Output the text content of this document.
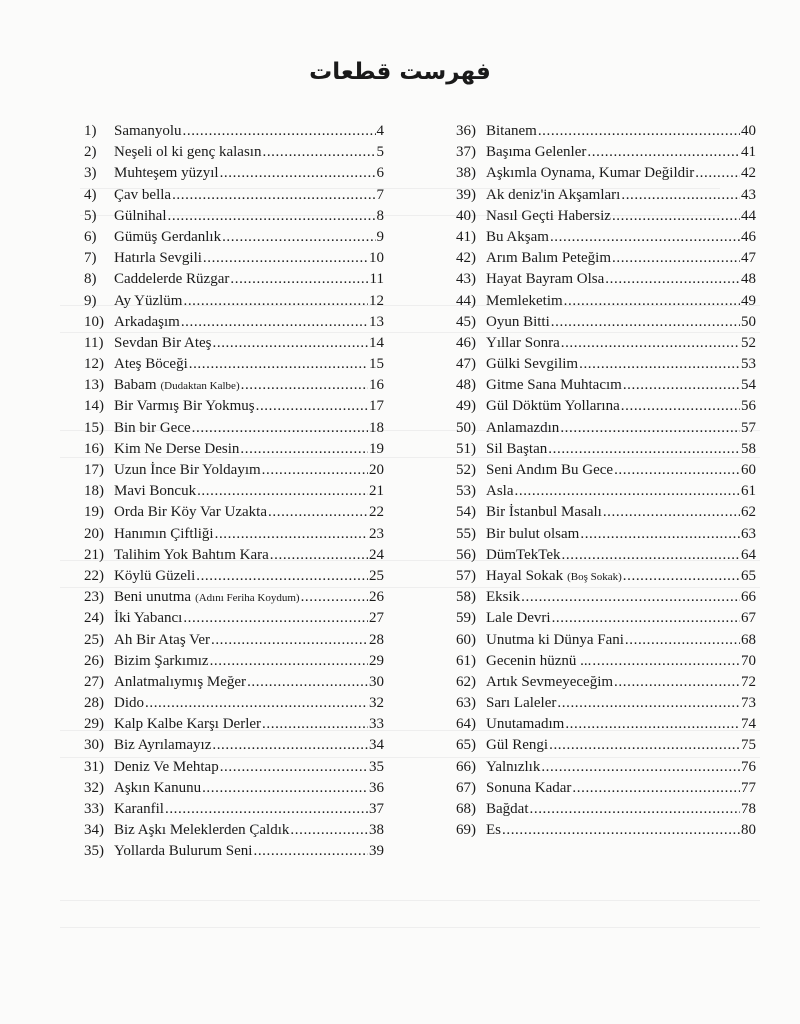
فهرست قطعات
1)	Samanyolu .....	4
2)	Neşeli ol ki genç kalasın .....	5
3)	Muhteşem yüzyıl .....	6
4)	Çav bella .....	7
5)	Gülnihal .....	8
6)	Gümüş Gerdanlık .....	9
7)	Hatırla Sevgili .....	10
8)	Caddelerde Rüzgar .....	11
9)	Ay Yüzlüm .....	12
10) Arkadaşım .....	13
11) Sevdan Bir Ateş .....	14
12) Ateş Böceği .....	15
13) Babam (Dudaktan Kalbe) .....	16
14) Bir Varmış Bir Yokmuş .....	17
15) Bin bir Gece .....	18
16) Kim Ne Derse Desin .....	19
17) Uzun İnce Bir Yoldayım .....	20
18) Mavi Boncuk .....	21
19) Orda Bir Köy Var Uzakta .....	22
20) Hanımın Çiftliği .....	23
21) Talihim Yok Bahtım Kara .....	24
22) Köylü Güzeli .....	25
23) Beni unutma (Adını Feriha Koydum) .....	26
24) İki Yabancı .....	27
25) Ah Bir Ataş Ver .....	28
26) Bizim Şarkımız .....	29
27) Anlatmalıymış Meğer .....	30
28) Dido .....	32
29) Kalp Kalbe Karşı Derler .....	33
30) Biz Ayrılamayız .....	34
31) Deniz Ve Mehtap .....	35
32) Aşkın Kanunu .....	36
33) Karanfil .....	37
34) Biz Aşkı Meleklerden Çaldık .....	38
35) Yollarda Bulurum Seni .....	39
36) Bitanem .....	40
37) Başıma Gelenler .....	41
38) Aşkımla Oynama, Kumar Değildir .....	42
39) Ak deniz'in Akşamları .....	43
40) Nasıl Geçti Habersiz .....	44
41) Bu Akşam .....	46
42) Arım Balım Peteğim .....	47
43) Hayat Bayram Olsa .....	48
44) Memleketim .....	49
45) Oyun Bitti .....	50
46) Yıllar Sonra .....	52
47) Gülki Sevgilim .....	53
48) Gitme Sana Muhtacım .....	54
49) Gül Döktüm Yollarına .....	56
50) Anlamazdın .....	57
51) Sil Baştan .....	58
52) Seni Andım Bu Gece .....	60
53) Asla .....	61
54) Bir İstanbul Masalı .....	62
55) Bir bulut olsam .....	63
56) DümTekTek .....	64
57) Hayal Sokak (Boş Sokak) .....	65
58) Eksik .....	66
59) Lale Devri .....	67
60) Unutma ki Dünya Fani .....	68
61) Gecenin hüznü ... .....	70
62) Artık Sevmeyeceğim .....	72
63) Sarı Laleler .....	73
64) Unutamadım .....	74
65) Gül Rengi .....	75
66) Yalnızlık .....	76
67) Sonuna Kadar .....	77
68) Bağdat .....	78
69) Es .....	80
